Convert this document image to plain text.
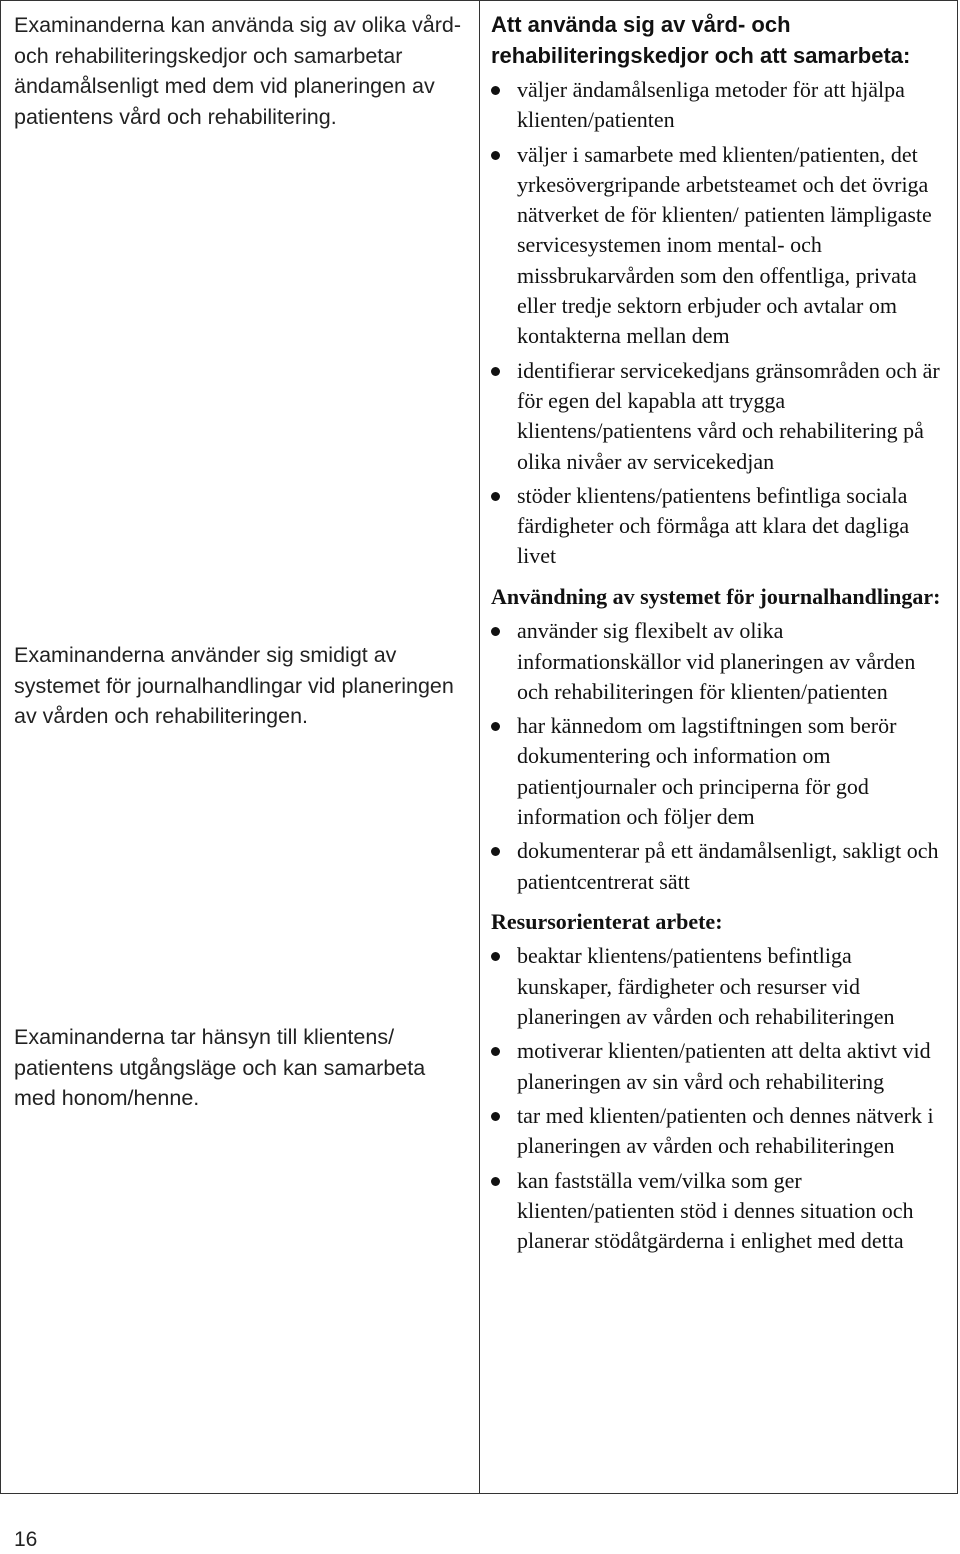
Examinanderna kan använda sig av olika vård- och rehabiliteringskedjor och samarbetar ändamålsenligt med dem vid planeringen av patientens vård och rehabilitering.
Examinanderna använder sig smidigt av systemet för journalhandlingar vid planeringen av vården och rehabiliteringen.
Examinanderna tar hänsyn till klientens/ patientens utgångsläge och kan samarbeta med honom/henne.
Att använda sig av vård- och rehabiliteringskedjor och att samarbeta:
väljer ändamålsenliga metoder för att hjälpa klienten/patienten
väljer i samarbete med klienten/patienten, det yrkesövergripande arbetsteamet och det övriga nätverket de för klienten/ patienten lämpligaste servicesystemen inom mental- och missbrukarvården som den offentliga, privata eller tredje sektorn erbjuder och avtalar om kontakterna mellan dem
identifierar servicekedjans gränsområden och är för egen del kapabla att trygga klientens/patientens vård och rehabilitering på olika nivåer av servicekedjan
stöder klientens/patientens befintliga sociala färdigheter och förmåga att klara det dagliga livet
Användning av systemet för journalhandlingar:
använder sig flexibelt av olika informationskällor vid planeringen av vården och rehabiliteringen för klienten/patienten
har kännedom om lagstiftningen som berör dokumentering och information om patientjournaler och principerna för god information och följer dem
dokumenterar på ett ändamålsenligt, sakligt och patientcentrerat sätt
Resursorienterat arbete:
beaktar klientens/patientens befintliga kunskaper, färdigheter och resurser vid planeringen av vården och rehabiliteringen
motiverar klienten/patienten att delta aktivt vid planeringen av sin vård och rehabilitering
tar med klienten/patienten och dennes nätverk i planeringen av vården och rehabiliteringen
kan fastställa vem/vilka som ger klienten/patienten stöd i dennes situation och planerar stödåtgärderna i enlighet med detta
16
